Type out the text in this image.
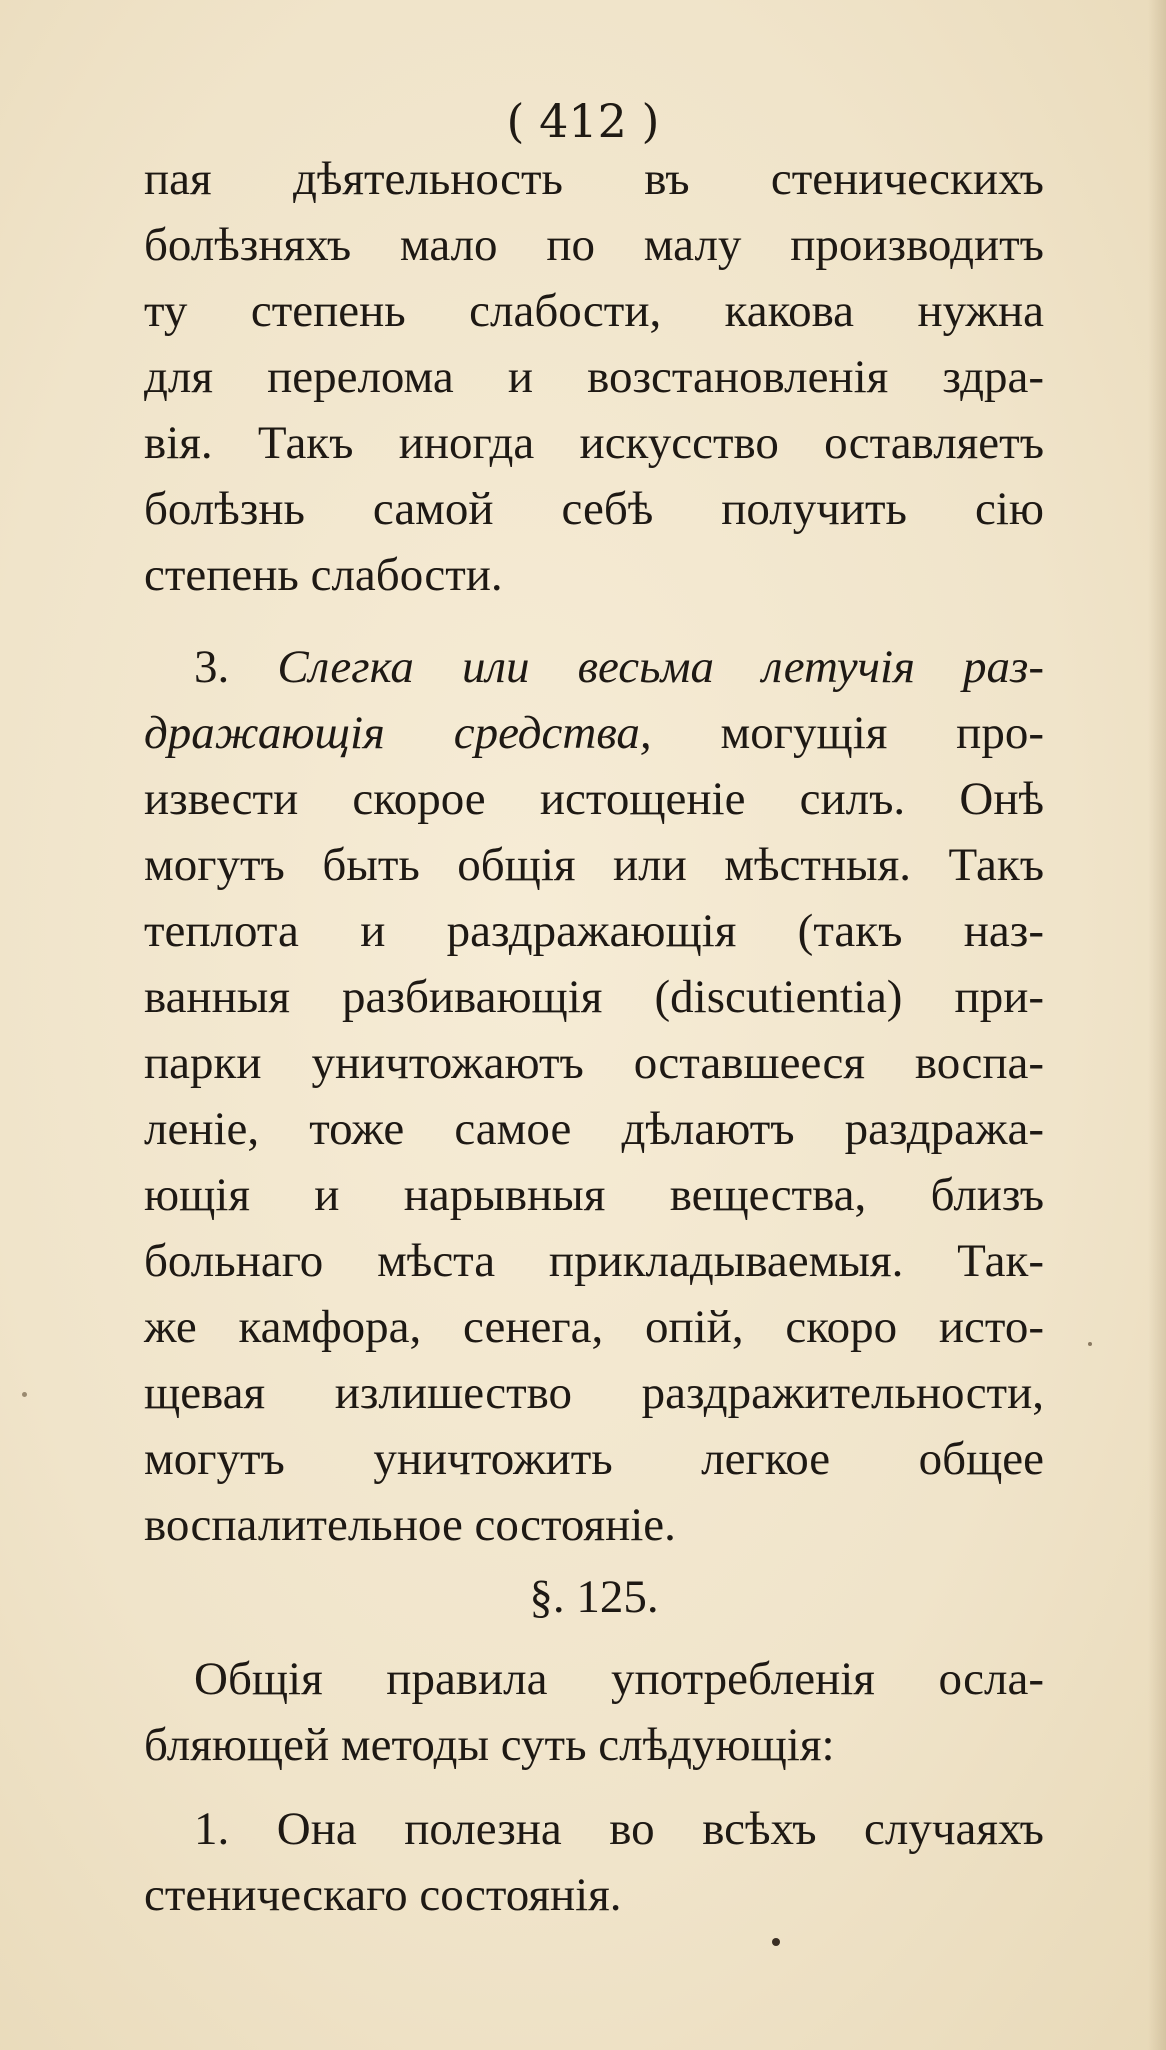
( 412 )
пая дѣятельность въ стеническихъ
болѣзняхъ мало по малу производитъ
ту степень слабости, какова нужна
для перелома и возстановленія здра-
вія. Такъ иногда искусство оставляетъ
болѣзнь самой себѣ получить сію
степень слабости.
3. Слегка или весьма летучія раз-
дражающія средства, могущія про-
извести скорое истощеніе силъ. Онѣ
могутъ быть общія или мѣстныя. Такъ
теплота и раздражающія (такъ наз-
ванныя разбивающія (discutientia) при-
парки уничтожаютъ оставшееся воспа-
леніе, тоже самое дѣлаютъ раздража-
ющія и нарывныя вещества, близъ
больнаго мѣста прикладываемыя. Так-
же камфора, сенега, опій, скоро исто-
щевая излишество раздражительности,
могутъ уничтожить легкое общее
воспалительное состояніе.
§. 125.
Общія правила употребленія осла-
бляющей методы суть слѣдующія:
1. Она полезна во всѣхъ случаяхъ
стеническаго состоянія.
